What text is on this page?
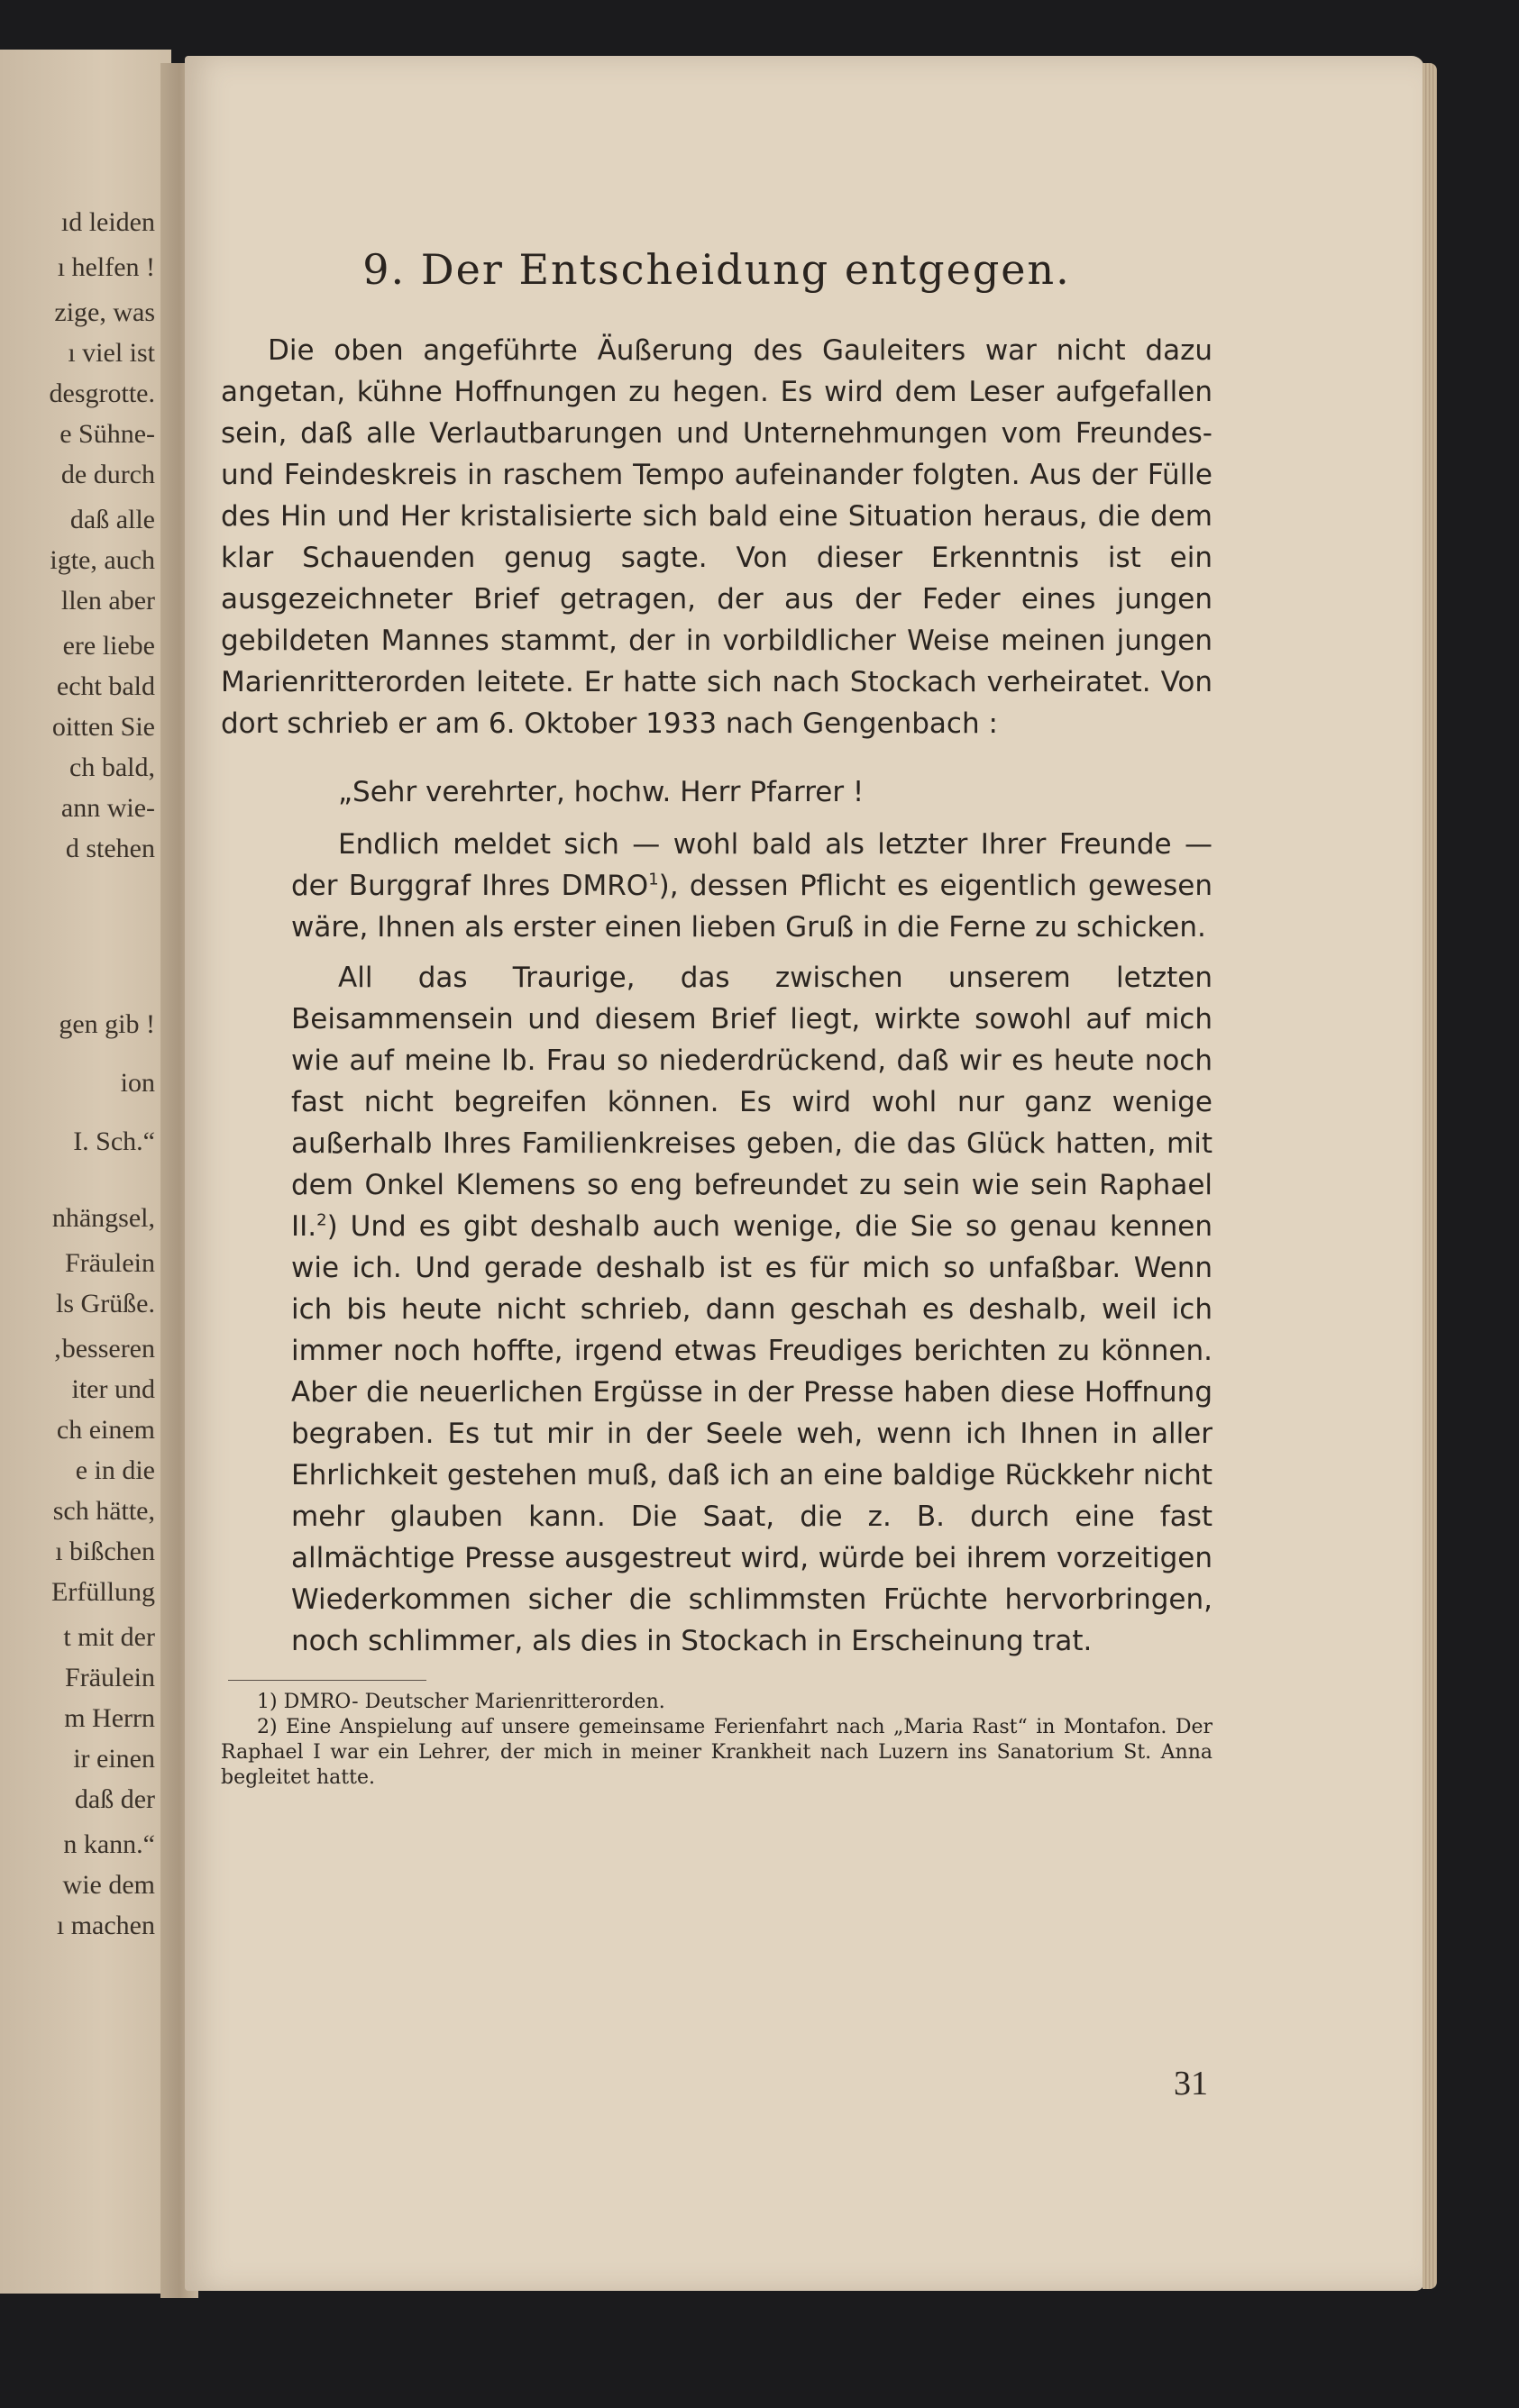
ıd leiden
ı helfen !
zige, was
ı viel ist
desgrotte.
e Sühne-
de durch
daß alle
igte, auch
llen aber
ere liebe
echt bald
oitten Sie
ch bald,
ann wie-
d stehen
gen gib !
ion
I. Sch.“
nhängsel,
Fräulein
ls Grüße.
‚besseren
iter und
ch einem
e in die
sch hätte,
ı bißchen
Erfüllung
t mit der
Fräulein
m Herrn
ir einen
daß der
n kann.“
wie dem
ı machen
9. Der Entscheidung entgegen.

Die oben angeführte Äußerung des Gauleiters war nicht dazu angetan, kühne Hoffnungen zu hegen. Es wird dem Leser aufgefallen sein, daß alle Verlautbarungen und Unternehmungen vom Freundes- und Feindeskreis in raschem Tempo aufeinander folgten. Aus der Fülle des Hin und Her kristalisierte sich bald eine Situation heraus, die dem klar Schauenden genug sagte. Von dieser Erkenntnis ist ein ausgezeichneter Brief getragen, der aus der Feder eines jungen gebildeten Mannes stammt, der in vorbildlicher Weise meinen jungen Marienritterorden leitete. Er hatte sich nach Stockach verheiratet. Von dort schrieb er am 6. Oktober 1933 nach Gengenbach :

„Sehr verehrter, hochw. Herr Pfarrer !

Endlich meldet sich — wohl bald als letzter Ihrer Freunde — der Burggraf Ihres DMRO$^1$), dessen Pflicht es eigentlich gewesen wäre, Ihnen als erster einen lieben Gruß in die Ferne zu schicken.

All das Traurige, das zwischen unserem letzten Beisammensein und diesem Brief liegt, wirkte sowohl auf mich wie auf meine lb. Frau so niederdrückend, daß wir es heute noch fast nicht begreifen können. Es wird wohl nur ganz wenige außerhalb Ihres Familienkreises geben, die das Glück hatten, mit dem Onkel Klemens so eng befreundet zu sein wie sein Raphael II.$^2$) Und es gibt deshalb auch wenige, die Sie so genau kennen wie ich. Und gerade deshalb ist es für mich so unfaßbar. Wenn ich bis heute nicht schrieb, dann geschah es deshalb, weil ich immer noch hoffte, irgend etwas Freudiges berichten zu können. Aber die neuerlichen Ergüsse in der Presse haben diese Hoffnung begraben. Es tut mir in der Seele weh, wenn ich Ihnen in aller Ehrlichkeit gestehen muß, daß ich an eine baldige Rückkehr nicht mehr glauben kann. Die Saat, die z. B. durch eine fast allmächtige Presse ausgestreut wird, würde bei ihrem vorzeitigen Wiederkommen sicher die schlimmsten Früchte hervorbringen, noch schlimmer, als dies in Stockach in Erscheinung trat.

1) DMRO- Deutscher Marienritterorden.

2) Eine Anspielung auf unsere gemeinsame Ferienfahrt nach „Maria Rast“ in Montafon. Der Raphael I war ein Lehrer, der mich in meiner Krankheit nach Luzern ins Sanatorium St. Anna begleitet hatte.

31
